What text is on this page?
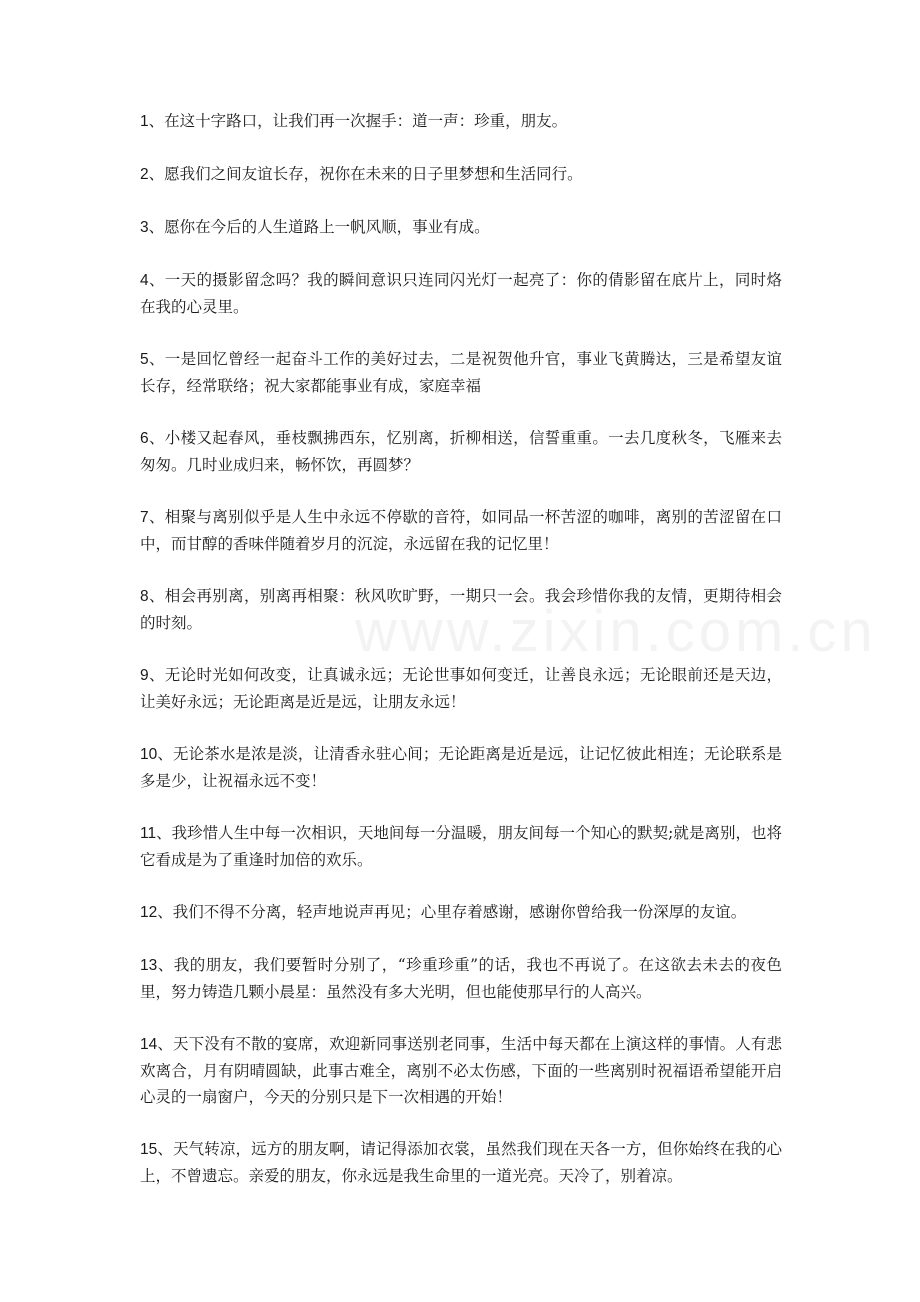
1、在这十字路口，让我们再一次握手：道一声：珍重，朋友。

2、愿我们之间友谊长存，祝你在未来的日子里梦想和生活同行。

3、愿你在今后的人生道路上一帆风顺，事业有成。

4、一天的摄影留念吗？我的瞬间意识只连同闪光灯一起亮了：你的倩影留在底片上，同时烙在我的心灵里。

5、一是回忆曾经一起奋斗工作的美好过去，二是祝贺他升官，事业飞黄腾达，三是希望友谊长存，经常联络；祝大家都能事业有成，家庭幸福

6、小楼又起春风，垂枝飘拂西东，忆别离，折柳相送，信誓重重。一去几度秋冬，飞雁来去匆匆。几时业成归来，畅怀饮，再圆梦？

7、相聚与离别似乎是人生中永远不停歇的音符，如同品一杯苦涩的咖啡，离别的苦涩留在口中，而甘醇的香味伴随着岁月的沉淀，永远留在我的记忆里！

8、相会再别离，别离再相聚：秋风吹旷野，一期只一会。我会珍惜你我的友情，更期待相会的时刻。

9、无论时光如何改变，让真诚永远；无论世事如何变迁，让善良永远；无论眼前还是天边，让美好永远；无论距离是近是远，让朋友永远！

10、无论茶水是浓是淡，让清香永驻心间；无论距离是近是远，让记忆彼此相连；无论联系是多是少，让祝福永远不变！

11、我珍惜人生中每一次相识，天地间每一分温暖，朋友间每一个知心的默契;就是离别，也将它看成是为了重逢时加倍的欢乐。

12、我们不得不分离，轻声地说声再见；心里存着感谢，感谢你曾给我一份深厚的友谊。

13、我的朋友，我们要暂时分别了，“珍重珍重”的话，我也不再说了。在这欲去未去的夜色里，努力铸造几颗小晨星：虽然没有多大光明，但也能使那早行的人高兴。

14、天下没有不散的宴席，欢迎新同事送别老同事，生活中每天都在上演这样的事情。人有悲欢离合，月有阴晴圆缺，此事古难全，离别不必太伤感，下面的一些离别时祝福语希望能开启心灵的一扇窗户，今天的分别只是下一次相遇的开始！

15、天气转凉，远方的朋友啊，请记得添加衣裳，虽然我们现在天各一方，但你始终在我的心上，不曾遗忘。亲爱的朋友，你永远是我生命里的一道光亮。天冷了，别着凉。

www.zixin.com.cn
